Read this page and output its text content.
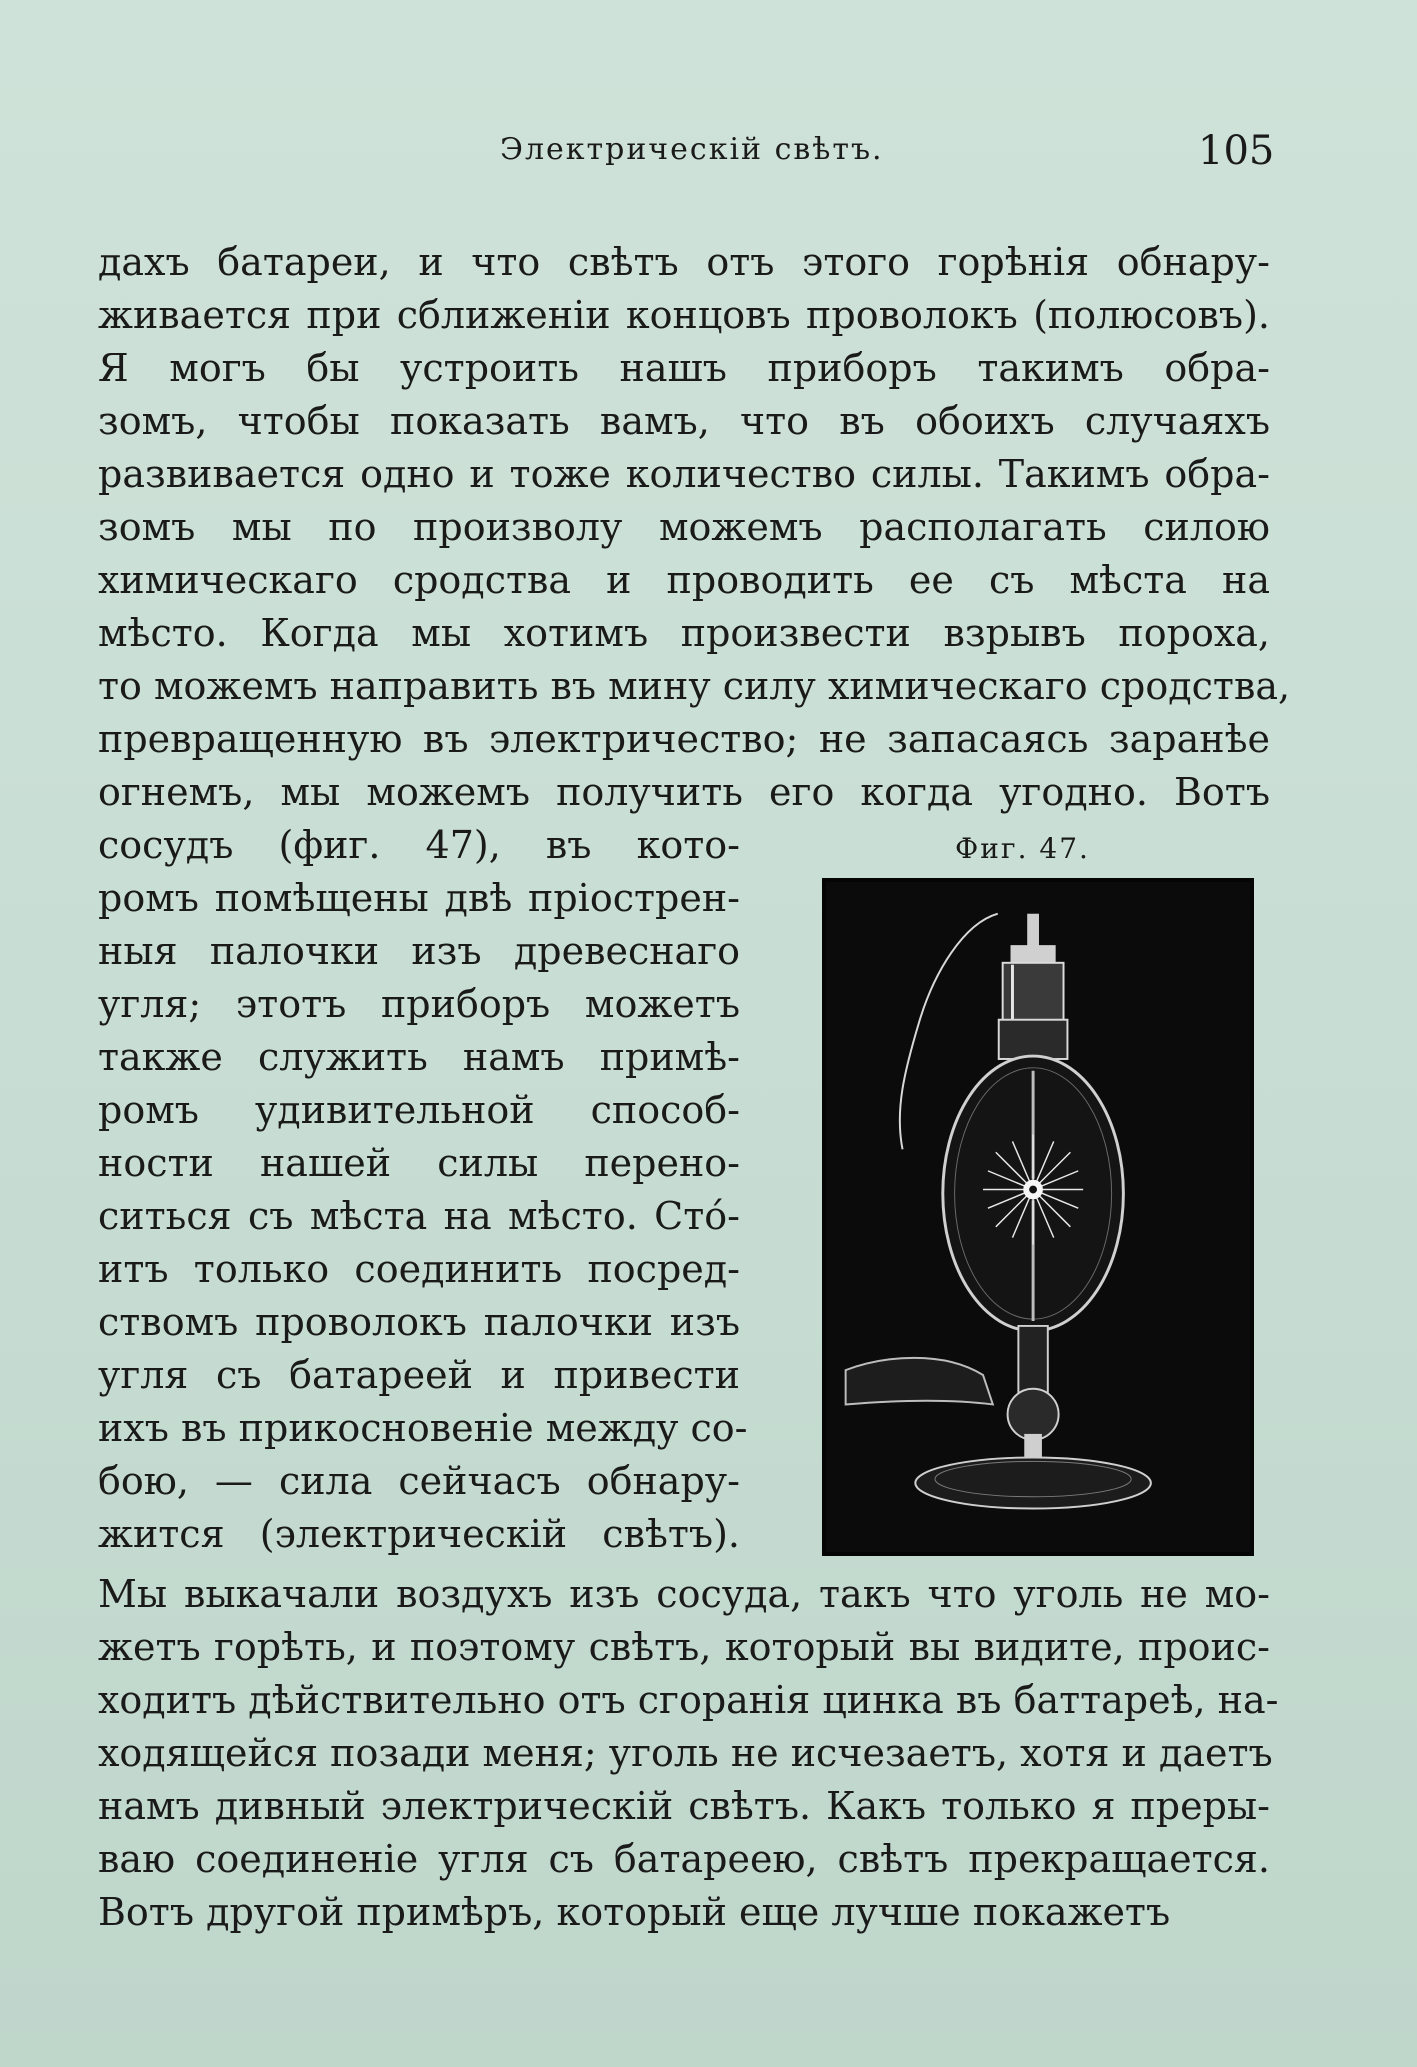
Электрическій свѣтъ.	105
дахъ батареи, и что свѣтъ отъ этого горѣнія обнару-
живается при сближеніи концовъ проволокъ (полюсовъ).
Я могъ бы устроить нашъ приборъ такимъ обра-
зомъ, чтобы показать вамъ, что въ обоихъ случаяхъ
развивается одно и тоже количество силы. Такимъ обра-
зомъ мы по произволу можемъ располагать силою
химическаго сродства и проводить ее съ мѣста на
мѣсто. Когда мы хотимъ произвести взрывъ пороха,
то можемъ направить въ мину силу химическаго сродства,
превращенную въ электричество; не запасаясь заранѣе
огнемъ, мы можемъ получить его когда угодно. Вотъ
сосудъ (фиг. 47), въ кото-
ромъ помѣщены двѣ пріострен-
ныя палочки изъ древеснаго
угля; этотъ приборъ можетъ
также служить намъ примѣ-
ромъ удивительной способ-
ности нашей силы перено-
ситься съ мѣста на мѣсто. Сто́-
итъ только соединить посред-
ствомъ проволокъ палочки изъ
угля съ батареей и привести
ихъ въ прикосновеніе между со-
бою, — сила сейчасъ обнару-
жится (электрическій свѣтъ).
Мы выкачали воздухъ изъ сосуда, такъ что уголь не мо-
жетъ горѣть, и поэтому свѣтъ, который вы видите, проис-
ходитъ дѣйствительно отъ сгоранія цинка въ баттареѣ, на-
ходящейся позади меня; уголь не исчезаетъ, хотя и даетъ
намъ дивный электрическій свѣтъ. Какъ только я преры-
ваю соединеніе угля съ батареею, свѣтъ прекращается.
Вотъ другой примѣръ, который еще лучше покажетъ
Фиг. 47.
